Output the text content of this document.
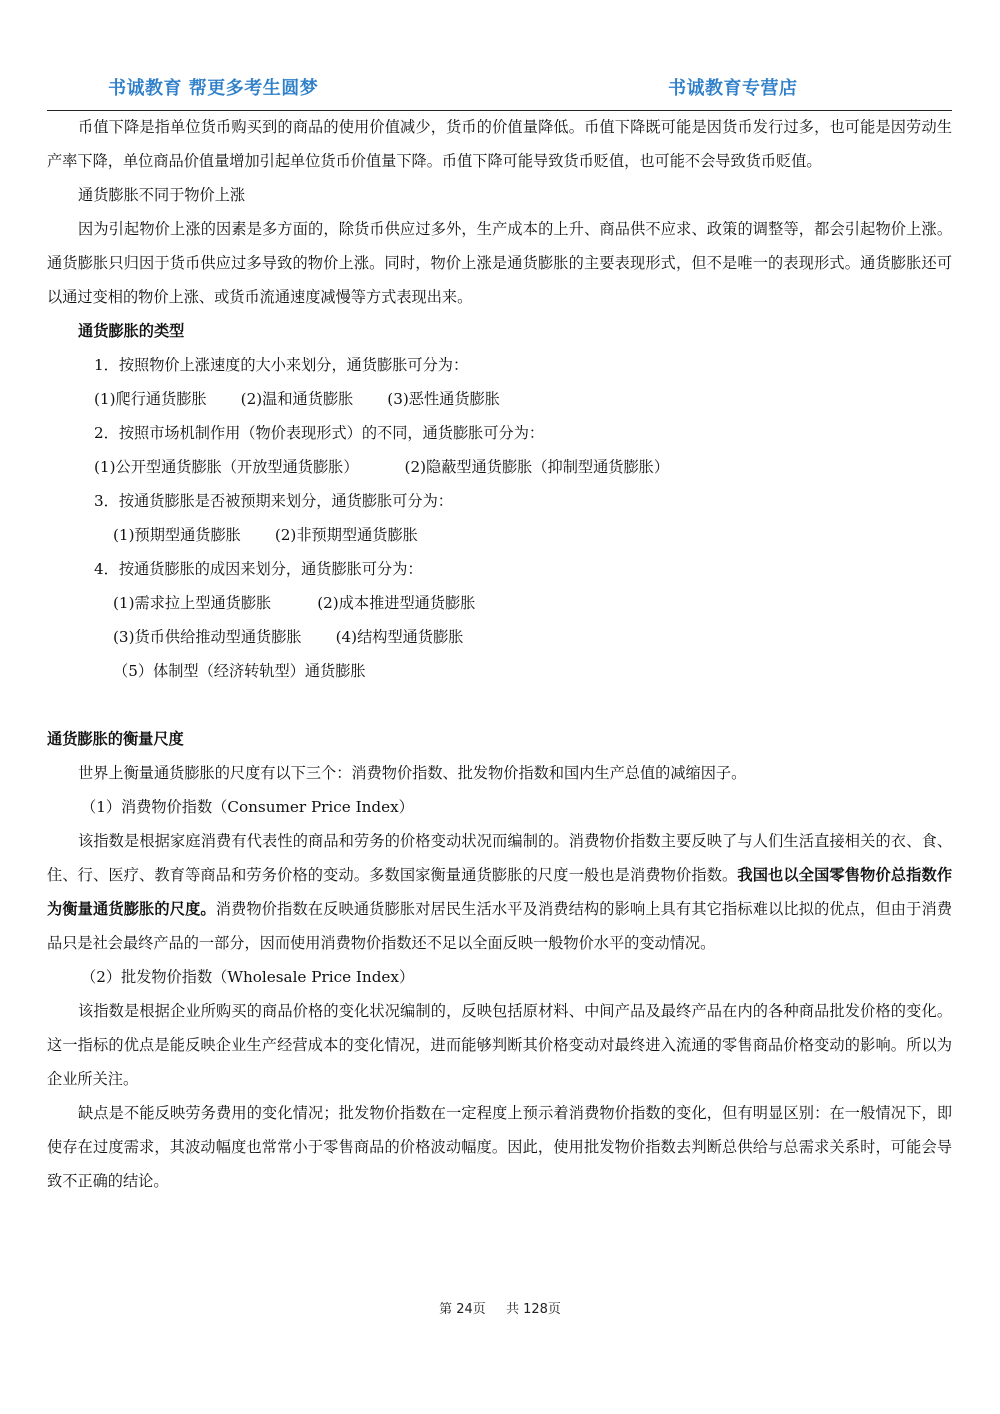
书诚教育 帮更多考生圆梦	书诚教育专营店

币值下降是指单位货币购买到的商品的使用价值减少，货币的价值量降低。币值下降既可能是因货币发行过多，也可能是因劳动生产率下降，单位商品价值量增加引起单位货币价值量下降。币值下降可能导致货币贬值，也可能不会导致货币贬值。

通货膨胀不同于物价上涨

因为引起物价上涨的因素是多方面的，除货币供应过多外，生产成本的上升、商品供不应求、政策的调整等，都会引起物价上涨。通货膨胀只归因于货币供应过多导致的物价上涨。同时，物价上涨是通货膨胀的主要表现形式，但不是唯一的表现形式。通货膨胀还可以通过变相的物价上涨、或货币流通速度减慢等方式表现出来。

通货膨胀的类型

1．按照物价上涨速度的大小来划分，通货膨胀可分为：

(1)爬行通货膨胀 (2)温和通货膨胀 (3)恶性通货膨胀

2．按照市场机制作用（物价表现形式）的不同，通货膨胀可分为：

(1)公开型通货膨胀（开放型通货膨胀）	(2)隐蔽型通货膨胀（抑制型通货膨胀）

3．按通货膨胀是否被预期来划分，通货膨胀可分为：

(1)预期型通货膨胀 (2)非预期型通货膨胀

4．按通货膨胀的成因来划分，通货膨胀可分为：

(1)需求拉上型通货膨胀	(2)成本推进型通货膨胀

(3)货币供给推动型通货膨胀 (4)结构型通货膨胀

（5）体制型（经济转轨型）通货膨胀

通货膨胀的衡量尺度

世界上衡量通货膨胀的尺度有以下三个：消费物价指数、批发物价指数和国内生产总值的减缩因子。

（1）消费物价指数（Consumer Price Index）

该指数是根据家庭消费有代表性的商品和劳务的价格变动状况而编制的。消费物价指数主要反映了与人们生活直接相关的衣、食、住、行、医疗、教育等商品和劳务价格的变动。多数国家衡量通货膨胀的尺度一般也是消费物价指数。我国也以全国零售物价总指数作为衡量通货膨胀的尺度。消费物价指数在反映通货膨胀对居民生活水平及消费结构的影响上具有其它指标难以比拟的优点，但由于消费品只是社会最终产品的一部分，因而使用消费物价指数还不足以全面反映一般物价水平的变动情况。

（2）批发物价指数（Wholesale Price Index）

该指数是根据企业所购买的商品价格的变化状况编制的，反映包括原材料、中间产品及最终产品在内的各种商品批发价格的变化。这一指标的优点是能反映企业生产经营成本的变化情况，进而能够判断其价格变动对最终进入流通的零售商品价格变动的影响。所以为企业所关注。

缺点是不能反映劳务费用的变化情况；批发物价指数在一定程度上预示着消费物价指数的变化，但有明显区别：在一般情况下，即使存在过度需求，其波动幅度也常常小于零售商品的价格波动幅度。因此，使用批发物价指数去判断总供给与总需求关系时，可能会导致不正确的结论。

第 24页 共 128页
